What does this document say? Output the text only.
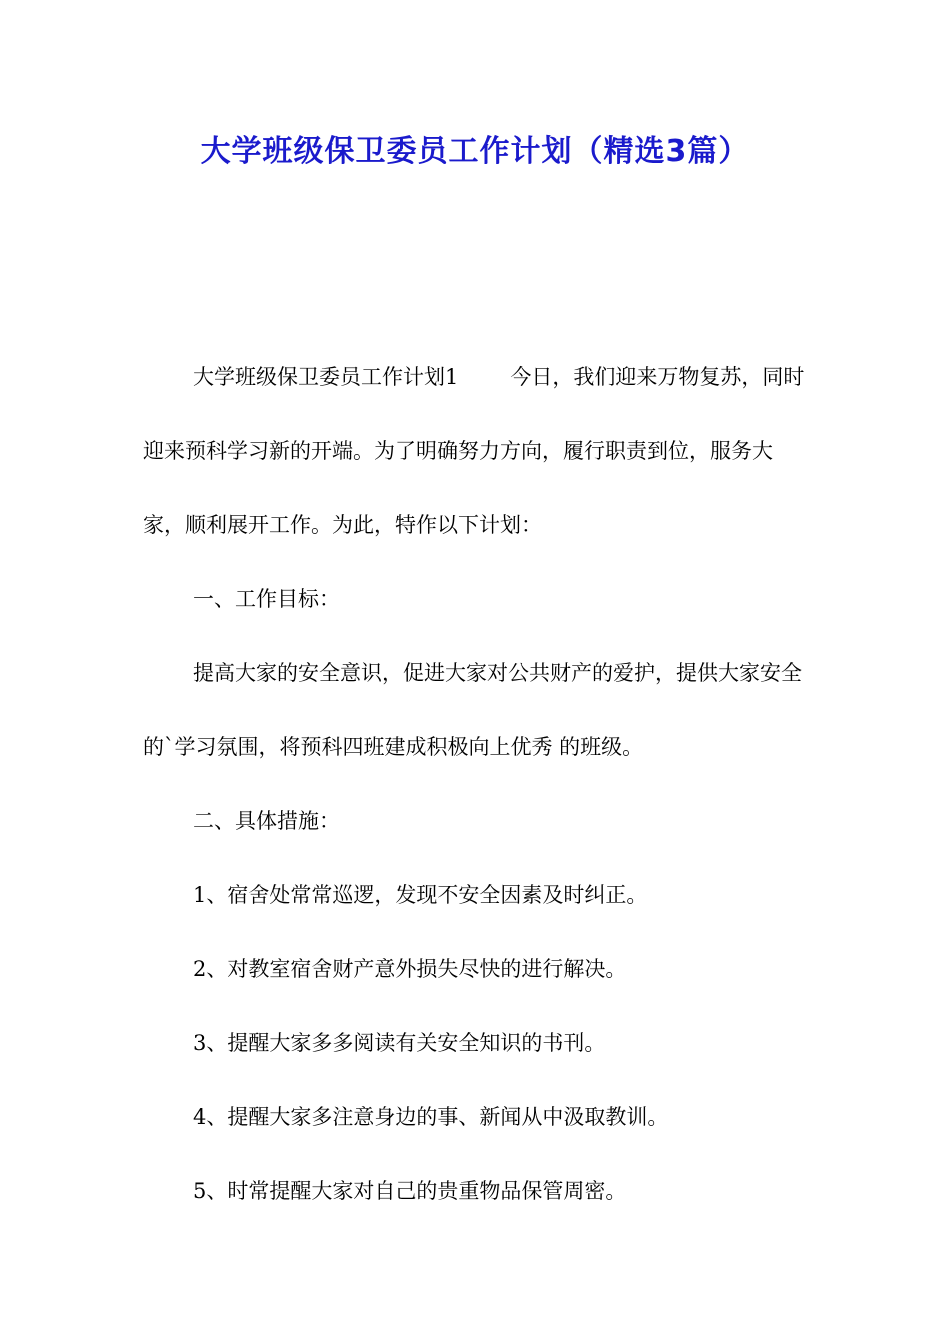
大学班级保卫委员工作计划（精选3篇）

大学班级保卫委员工作计划1 今日，我们迎来万物复苏，同时迎来预科学习新的开端。为了明确努力方向，履行职责到位，服务大家，顺利展开工作。为此，特作以下计划：

一、工作目标：

提高大家的安全意识，促进大家对公共财产的爱护，提供大家安全的`学习氛围，将预科四班建成积极向上优秀 的班级。

二、具体措施：

1、宿舍处常常巡逻，发现不安全因素及时纠正。

2、对教室宿舍财产意外损失尽快的进行解决。

3、提醒大家多多阅读有关安全知识的书刊。

4、提醒大家多注意身边的事、新闻从中汲取教训。

5、时常提醒大家对自己的贵重物品保管周密。
